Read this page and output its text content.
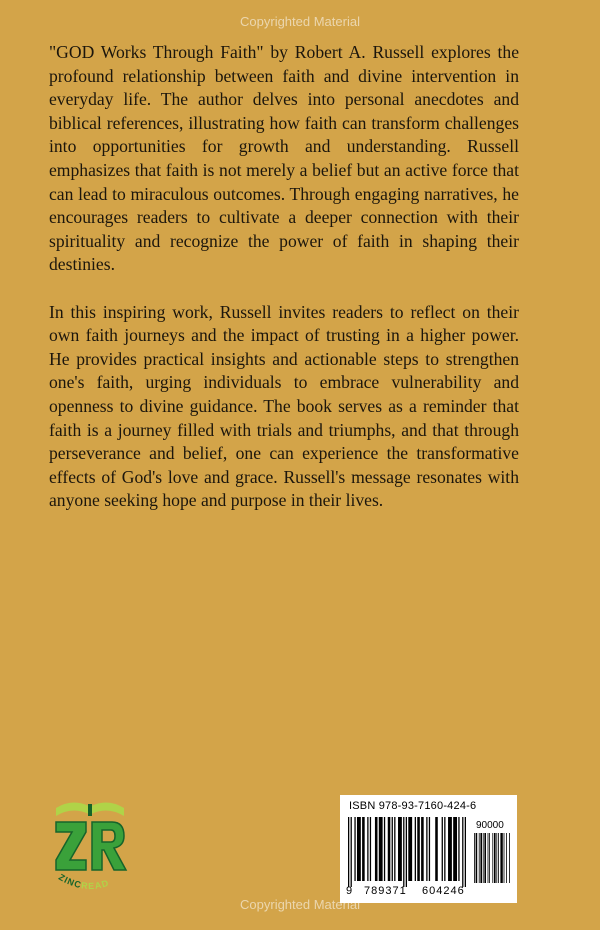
Copyrighted Material

"GOD Works Through Faith" by Robert A. Russell explores the profound relationship between faith and divine intervention in everyday life. The author delves into personal anecdotes and biblical references, illustrating how faith can transform challenges into opportunities for growth and understanding. Russell emphasizes that faith is not merely a belief but an active force that can lead to miraculous outcomes. Through engaging narratives, he encourages readers to cultivate a deeper connection with their spirituality and recognize the power of faith in shaping their destinies.

In this inspiring work, Russell invites readers to reflect on their own faith journeys and the impact of trusting in a higher power. He provides practical insights and actionable steps to strengthen one's faith, urging individuals to embrace vulnerability and openness to divine guidance. The book serves as a reminder that faith is a journey filled with trials and triumphs, and that through perseverance and belief, one can experience the transformative effects of God's love and grace. Russell's message resonates with anyone seeking hope and purpose in their lives.

ZINCREAD
ISBN 978-93-7160-424-6
90000
9 789371 604246
Copyrighted Material
